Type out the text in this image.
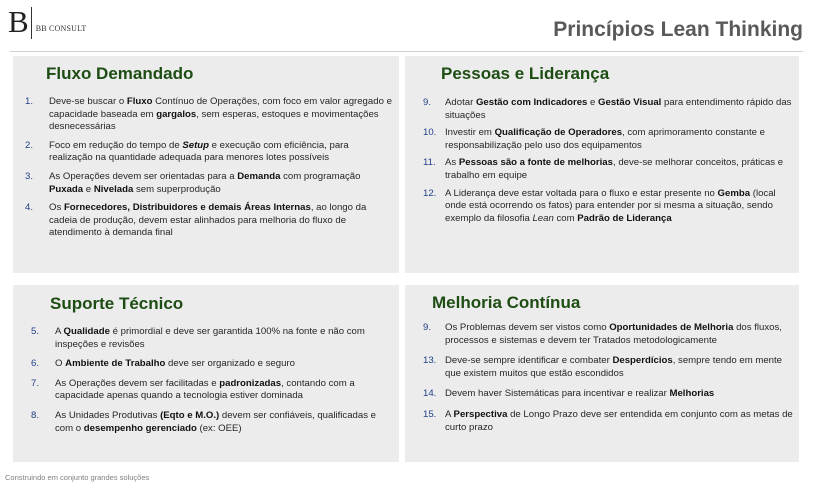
B BB CONSULT	Princípios Lean Thinking
Fluxo Demandado
1. Deve-se buscar o Fluxo Contínuo de Operações, com foco em valor agregado e capacidade baseada em gargalos, sem esperas, estoques e movimentações desnecessárias
2. Foco em redução do tempo de Setup e execução com eficiência, para realização na quantidade adequada para menores lotes possíveis
3. As Operações devem ser orientadas para a Demanda com programação Puxada e Nivelada sem superprodução
4. Os Fornecedores, Distribuidores e demais Áreas Internas, ao longo da cadeia de produção, devem estar alinhados para melhoria do fluxo de atendimento à demanda final
Pessoas e Liderança
9. Adotar Gestão com Indicadores e Gestão Visual para entendimento rápido das situações
10. Investir em Qualificação de Operadores, com aprimoramento constante e responsabilização pelo uso dos equipamentos
11. As Pessoas são a fonte de melhorias, deve-se melhorar conceitos, práticas e trabalho em equipe
12. A Liderança deve estar voltada para o fluxo e estar presente no Gemba (local onde está ocorrendo os fatos) para entender por si mesma a situação, sendo exemplo da filosofia Lean com Padrão de Liderança
Suporte Técnico
5. A Qualidade é primordial e deve ser garantida 100% na fonte e não com inspeções e revisões
6. O Ambiente de Trabalho deve ser organizado e seguro
7. As Operações devem ser facilitadas e padronizadas, contando com a capacidade apenas quando a tecnologia estiver dominada
8. As Unidades Produtivas (Eqto e M.O.) devem ser confiáveis, qualificadas e com o desempenho gerenciado (ex: OEE)
Melhoria Contínua
9. Os Problemas devem ser vistos como Oportunidades de Melhoria dos fluxos, processos e sistemas e devem ter Tratados metodologicamente
13. Deve-se sempre identificar e combater Desperdícios, sempre tendo em mente que existem muitos que estão escondidos
14. Devem haver Sistemáticas para incentivar e realizar Melhorias
15. A Perspectiva de Longo Prazo deve ser entendida em conjunto com as metas de curto prazo
Construindo em conjunto grandes soluções
